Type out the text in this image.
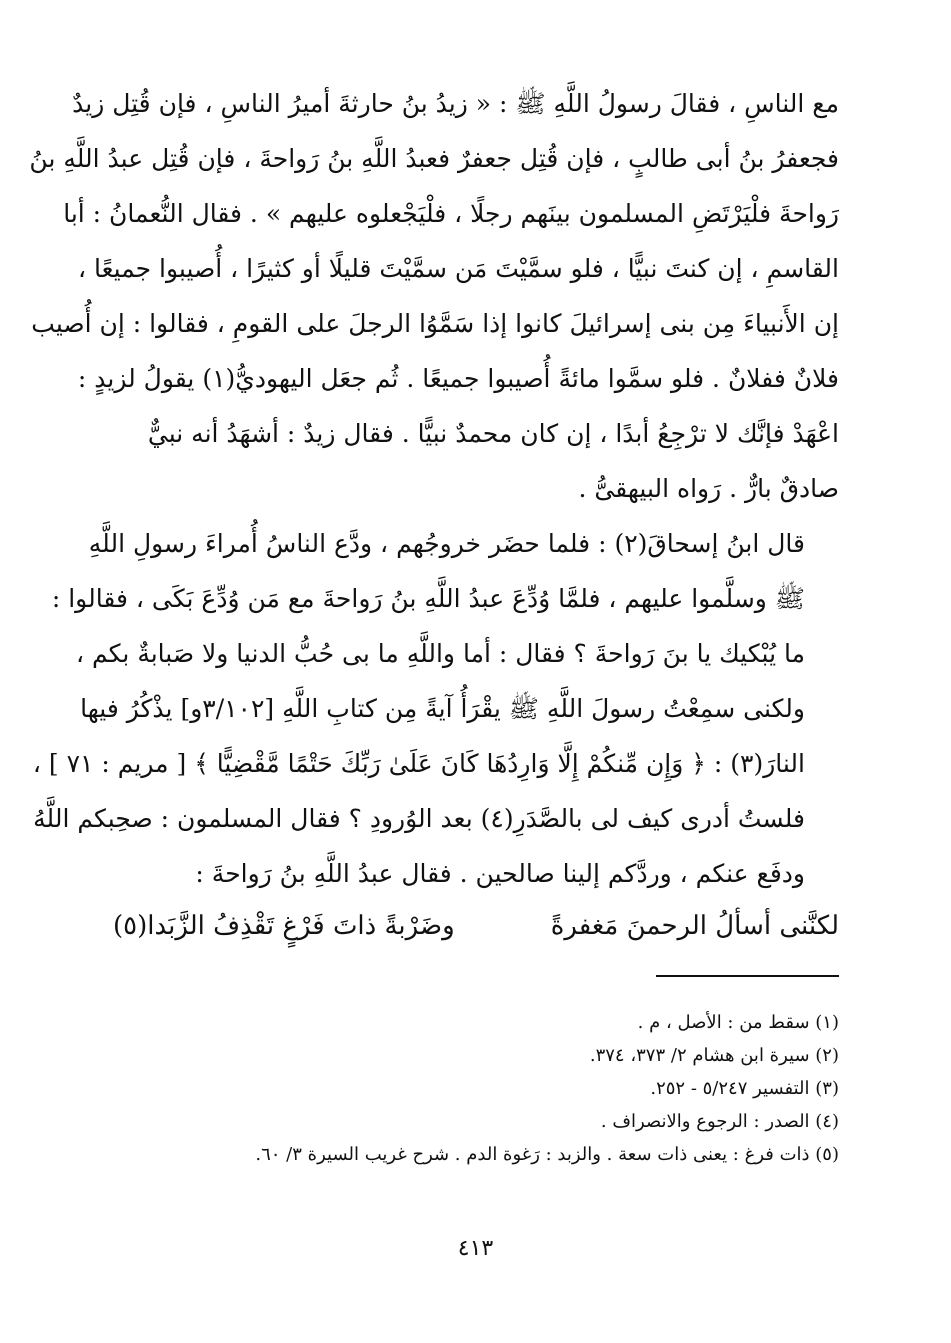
مع الناسِ ، فقالَ رسولُ اللَّهِ ﷺ : « زيدُ بنُ حارثةَ أميرُ الناسِ ، فإن قُتِل زيدٌ
فجعفرُ بنُ أبى طالبٍ ، فإن قُتِل جعفرٌ فعبدُ اللَّهِ بنُ رَواحةَ ، فإن قُتِل عبدُ اللَّهِ بنُ
رَواحةَ فلْيَرْتَضِ المسلمون بينَهم رجلًا ، فلْيَجْعلوه عليهم » . فقال النُّعمانُ : أبا
القاسمِ ، إن كنتَ نبيًّا ، فلو سمَّيْتَ مَن سمَّيْتَ قليلًا أو كثيرًا ، أُصيبوا جميعًا ،
إن الأَنبياءَ مِن بنى إسرائيلَ كانوا إذا سَمَّوُا الرجلَ على القومِ ، فقالوا : إن أُصيب
فلانٌ ففلانٌ . فلو سمَّوا مائةً أُصيبوا جميعًا . ثُم جعَل اليهوديُّ(١) يقولُ لزيدٍ :
اعْهَدْ فإنَّك لا ترْجِعُ أبدًا ، إن كان محمدٌ نبيًّا . فقال زيدٌ : أشهَدُ أنه نبيٌّ
صادقٌ بارٌّ . رَواه البيهقىُّ .
قال ابنُ إسحاقَ(٢) : فلما حضَر خروجُهم ، ودَّع الناسُ أُمراءَ رسولِ اللَّهِ
ﷺ وسلَّموا عليهم ، فلمَّا وُدِّعَ عبدُ اللَّهِ بنُ رَواحةَ مع مَن وُدِّعَ بَكَى ، فقالوا :
ما يُبْكيك يا بنَ رَواحةَ ؟ فقال : أما واللَّهِ ما بى حُبُّ الدنيا ولا صَبابةٌ بكم ،
ولكنى سمِعْتُ رسولَ اللَّهِ ﷺ يقْرَأُ آيةً مِن كتابِ اللَّهِ [٣/١٠٢و] يذْكُرُ فيها
النارَ(٣) : ﴿ وَإِن مِّنكُمْ إِلَّا وَارِدُهَا كَانَ عَلَىٰ رَبِّكَ حَتْمًا مَّقْضِيًّا ﴾ [ مريم : ٧١ ] ،
فلستُ أدرى كيف لى بالصَّدَرِ(٤) بعد الوُرودِ ؟ فقال المسلمون : صحِبكم اللَّهُ
ودفَع عنكم ، وردَّكم إلينا صالحين . فقال عبدُ اللَّهِ بنُ رَواحةَ :
لكنَّنى أسألُ الرحمنَ مَغفرةً
وضَرْبةً ذاتَ فَرْغٍ تَقْذِفُ الزَّبَدا(٥)
(١) سقط من : الأصل ، م .
(٢) سيرة ابن هشام ٢/ ٣٧٣، ٣٧٤.
(٣) التفسير ٥/٢٤٧ - ٢٥٢.
(٤) الصدر : الرجوع والانصراف .
(٥) ذات فرغ : يعنى ذات سعة . والزبد : رَغوة الدم . شرح غريب السيرة ٣/ ٦٠.
٤١٣
